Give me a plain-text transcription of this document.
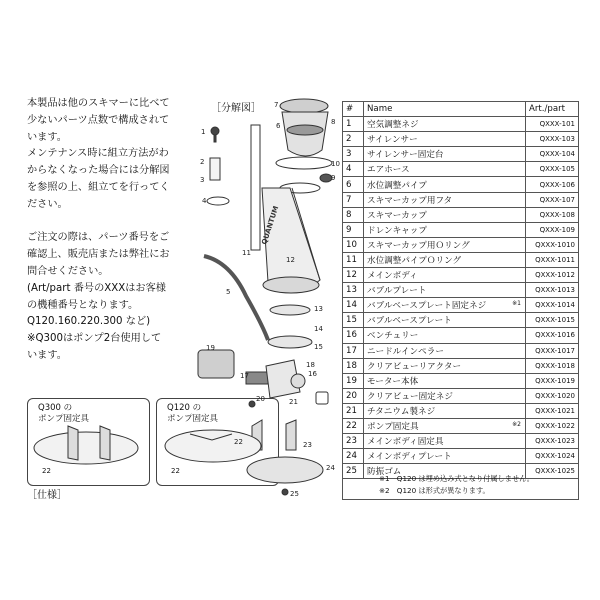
本製品は他のスキマーに比べて

少ないパーツ点数で構成されて

います。

メンテナンス時に組立方法がわ

からなくなった場合には分解図

を参照の上、組立てを行ってく

ださい。

ご注文の際は、パーツ番号をご

確認上、販売店または弊社にお

問合せください。

(Art/part 番号のXXXはお客様

の機種番号となります。

Q120.160.220.300 など)

※Q300はポンプ2台使用して

います。

［分解図］
［仕様］
Q300 の
ポンプ固定具
22
Q120 の
ポンプ固定具
22
QUANTUM
7
6
1
2
3
4
11
12
8
9
10
5
13
14
15
16
19
17
18
20	21
22	23
24
25
#	Name	Art./part
1	空気調整ネジ	QXXX-101
2	サイレンサー	QXXX-103
3	サイレンサー固定台	QXXX-104
4	エアホース	QXXX-105
6	水位調整パイプ	QXXX-106
7	スキマーカップ用フタ	QXXX-107
8	スキマーカップ	QXXX-108
9	ドレンキャップ	QXXX-109
10	スキマーカップ用Ｏリング	QXXX-1010
11	水位調整パイプＯリング	QXXX-1011
12	メインボディ	QXXX-1012
13	バブルプレート	QXXX-1013
14	バブルベースプレート固定ネジ ※1	QXXX-1014
15	バブルベースプレート	QXXX-1015
16	ベンチュリー	QXXX-1016
17	ニードルインペラー	QXXX-1017
18	クリアビューリアクター	QXXX-1018
19	モーター本体	QXXX-1019
20	クリアビュー固定ネジ	QXXX-1020
21	チタニウム製ネジ	QXXX-1021
22	ポンプ固定具 ※2	QXXX-1022
23	メインボディ固定具	QXXX-1023
24	メインボディプレート	QXXX-1024
25	防振ゴム	QXXX-1025
※1　Q120 は埋め込み式となり付属しません。
※2　Q120 は形式が異なります。
